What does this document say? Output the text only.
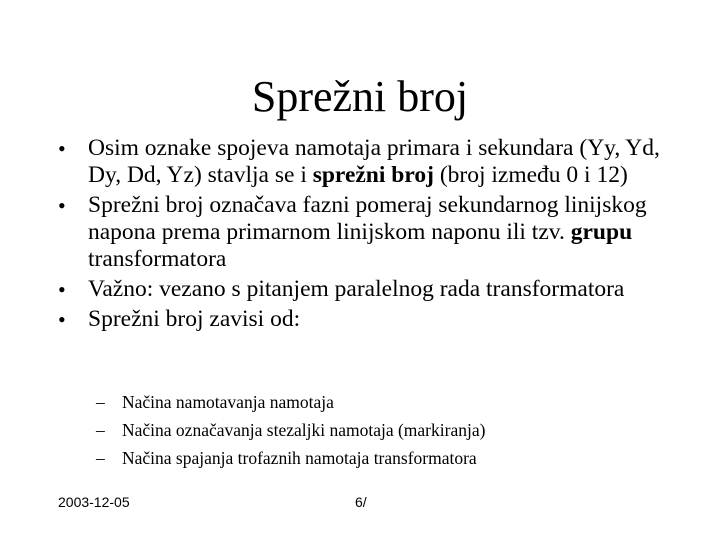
Sprežni broj
• Osim oznake spojeva namotaja primara i sekundara (Yy, Yd, Dy, Dd, Yz) stavlja se i sprežni broj (broj između 0 i 12)
• Sprežni broj označava fazni pomeraj sekundarnog linijskog napona prema primarnom linijskom naponu ili tzv. grupu transformatora
• Važno: vezano s pitanjem paralelnog rada transformatora
• Sprežni broj zavisi od:
– Načina namotavanja namotaja
– Načina označavanja stezaljki namotaja (markiranja)
– Načina spajanja trofaznih namotaja transformatora
2003-12-05	6/
